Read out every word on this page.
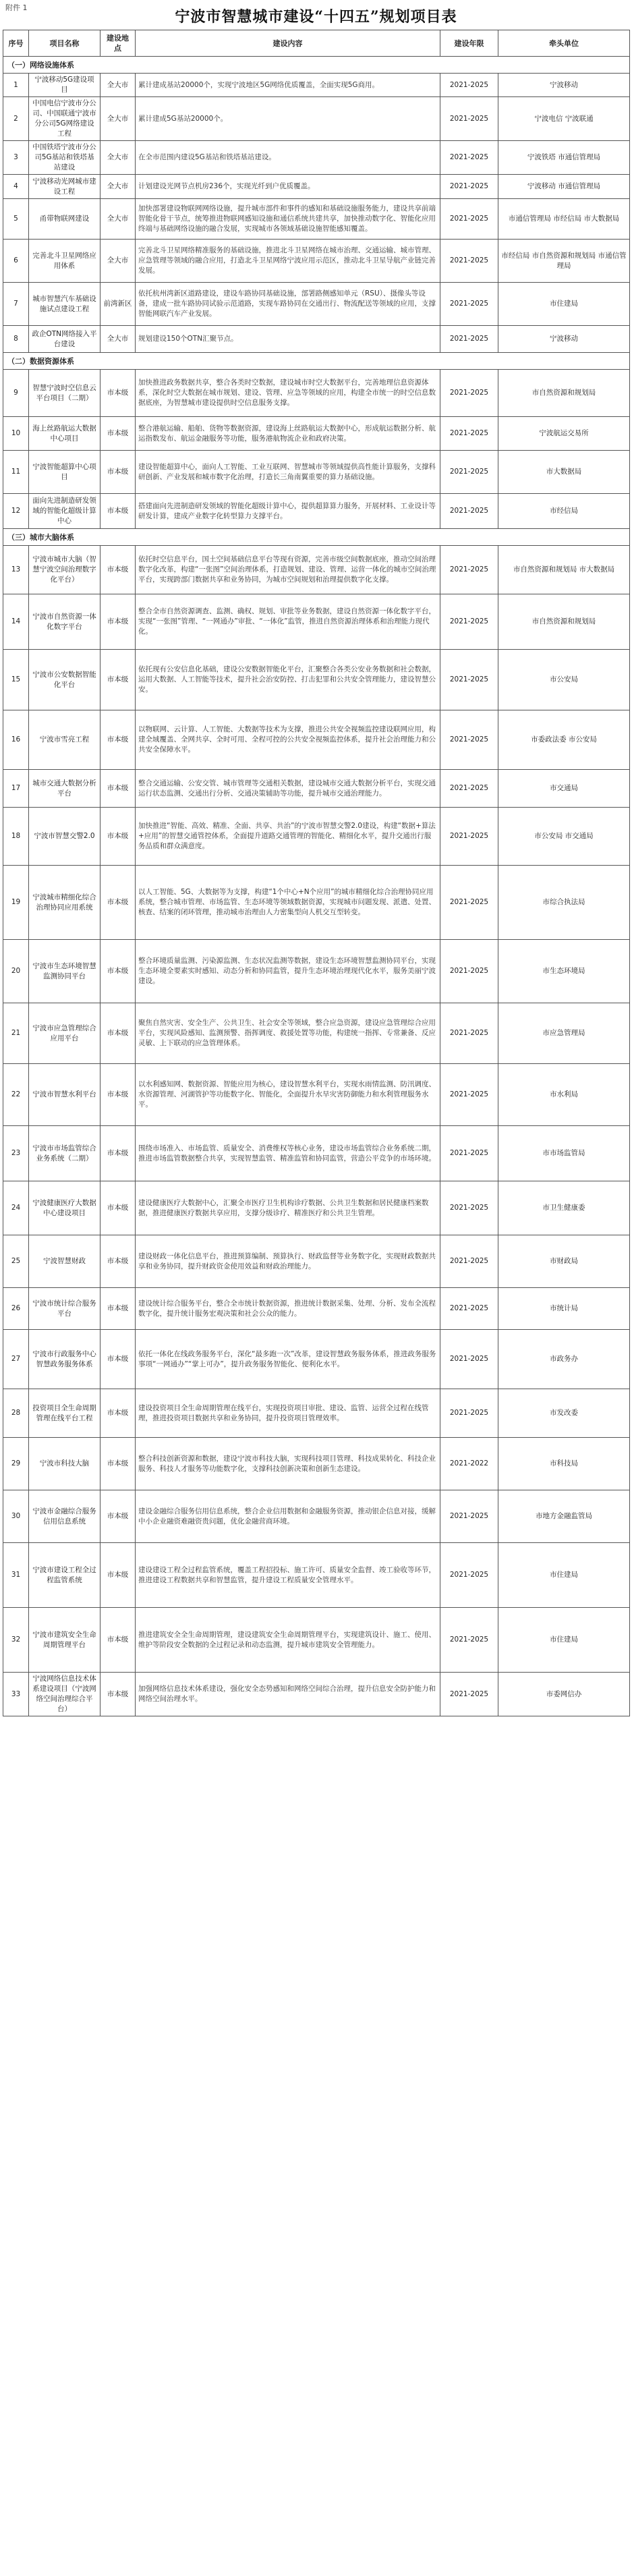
附件 1
宁波市智慧城市建设“十四五”规划项目表
序号	项目名称	建设地点	建设内容	建设年限	牵头单位
（一）网络设施体系					
1	宁波移动5G建设项目	全大市	累计建成基站20000个，实现宁波地区5G网络优质覆盖，全面实现5G商用。	2021-2025	宁波移动
2	中国电信宁波市分公司、中国联通宁波市分公司5G网络建设工程	全大市	累计建成5G基站20000个。	2021-2025	宁波电信 宁波联通
3	中国铁塔宁波市分公司5G基站和铁塔基站建设	全大市	在全市范围内建设5G基站和铁塔基站建设。	2021-2025	宁波铁塔 市通信管理局
4	宁波移动光网城市建设工程	全大市	计划建设光网节点机房236个，实现光纤到户优质覆盖。	2021-2025	宁波移动 市通信管理局
5	甬带物联网建设	全大市	加快部署建设物联网网络设施，提升城市部件和事件的感知和基础设施服务能力，建设共享前端智能化骨干节点，统筹推进物联网感知设施和通信系统共建共享，加快推动数字化、智能化应用终端与基础网络设施的融合发展，实现城市各领域基础设施智能感知覆盖。	2021-2025	市通信管理局 市经信局 市大数据局
6	完善北斗卫星网络应用体系	全大市	完善北斗卫星网络精准服务的基础设施，推进北斗卫星网络在城市治理、交通运输、城市管理、应急管理等领域的融合应用，打造北斗卫星网络宁波应用示范区，推动北斗卫星导航产业链完善发展。	2021-2025	市经信局 市自然资源和规划局 市通信管理局
7	城市智慧汽车基础设施试点建设工程	前湾新区	依托杭州湾新区道路建设，建设车路协同基础设施，部署路侧感知单元（RSU）、摄像头等设备，建成一批车路协同试验示范道路，实现车路协同在交通出行、物流配送等领域的应用，支撑智能网联汽车产业发展。	2021-2025	市住建局
8	政企OTN网络接入平台建设	全大市	规划建设150个OTN汇聚节点。	2021-2025	宁波移动
（二）数据资源体系					
9	智慧宁波时空信息云平台项目（二期）	市本级	加快推进政务数据共享，整合各类时空数据，建设城市时空大数据平台，完善地理信息资源体系，深化时空大数据在城市规划、建设、管理、应急等领域的应用，构建全市统一的时空信息数据底座，为智慧城市建设提供时空信息服务支撑。	2021-2025	市自然资源和规划局
10	海上丝路航运大数据中心项目	市本级	整合港航运输、船舶、货物等数据资源，建设海上丝路航运大数据中心，形成航运数据分析、航运指数发布、航运金融服务等功能，服务港航物流企业和政府决策。	2021-2025	宁波航运交易所
11	宁波智能超算中心项目	市本级	建设智能超算中心，面向人工智能、工业互联网、智慧城市等领域提供高性能计算服务，支撑科研创新、产业发展和城市数字化治理，打造长三角南翼重要的算力基础设施。	2021-2025	市大数据局
12	面向先进制造研发领域的智能化超级计算中心	市本级	搭建面向先进制造研发领域的智能化超级计算中心，提供超算算力服务，开展材料、工业设计等研发计算，建成产业数字化转型算力支撑平台。	2021-2025	市经信局
（三）城市大脑体系					
13	宁波市城市大脑（智慧宁波空间治理数字化平台）	市本级	依托时空信息平台，国土空间基础信息平台等现有资源，完善市级空间数据底座，推动空间治理数字化改革，构建“一张图”空间治理体系，打造规划、建设、管理、运营一体化的城市空间治理平台，实现跨部门数据共享和业务协同，为城市空间规划和治理提供数字化支撑。	2021-2025	市自然资源和规划局 市大数据局
14	宁波市自然资源一体化数字平台	市本级	整合全市自然资源调查、监测、确权、规划、审批等业务数据，建设自然资源一体化数字平台，实现“一张图”管理、“一网通办”审批、“一体化”监管，推进自然资源治理体系和治理能力现代化。	2021-2025	市自然资源和规划局
15	宁波市公安数据智能化平台	市本级	依托现有公安信息化基础，建设公安数据智能化平台，汇聚整合各类公安业务数据和社会数据，运用大数据、人工智能等技术，提升社会治安防控、打击犯罪和公共安全管理能力，建设智慧公安。	2021-2025	市公安局
16	宁波市雪亮工程	市本级	以物联网、云计算、人工智能、大数据等技术为支撑，推进公共安全视频监控建设联网应用，构建全域覆盖、全网共享、全时可用、全程可控的公共安全视频监控体系，提升社会治理能力和公共安全保障水平。	2021-2025	市委政法委 市公安局
17	城市交通大数据分析平台	市本级	整合交通运输、公安交管、城市管理等交通相关数据，建设城市交通大数据分析平台，实现交通运行状态监测、交通出行分析、交通决策辅助等功能，提升城市交通治理能力。	2021-2025	市交通局
18	宁波市智慧交警2.0	市本级	加快推进“智能、高效、精准、全面、共享、共治”的宁波市智慧交警2.0建设，构建“数据+算法+应用”的智慧交通管控体系，全面提升道路交通管理的智能化、精细化水平，提升交通出行服务品质和群众满意度。	2021-2025	市公安局 市交通局
19	宁波城市精细化综合治理协同应用系统	市本级	以人工智能、5G、大数据等为支撑，构建“1个中心+N个应用”的城市精细化综合治理协同应用系统，整合城市管理、市场监管、生态环境等领域数据资源，实现城市问题发现、派遣、处置、核查、结案的闭环管理，推动城市治理由人力密集型向人机交互型转变。	2021-2025	市综合执法局
20	宁波市生态环境智慧监测协同平台	市本级	整合环境质量监测、污染源监测、生态状况监测等数据，建设生态环境智慧监测协同平台，实现生态环境全要素实时感知、动态分析和协同监管，提升生态环境治理现代化水平，服务美丽宁波建设。	2021-2025	市生态环境局
21	宁波市应急管理综合应用平台	市本级	聚焦自然灾害、安全生产、公共卫生、社会安全等领域，整合应急资源，建设应急管理综合应用平台，实现风险感知、监测预警、指挥调度、救援处置等功能，构建统一指挥、专常兼备、反应灵敏、上下联动的应急管理体系。	2021-2025	市应急管理局
22	宁波市智慧水利平台	市本级	以水利感知网、数据资源、智能应用为核心，建设智慧水利平台，实现水雨情监测、防汛调度、水资源管理、河湖管护等功能数字化、智能化，全面提升水旱灾害防御能力和水利管理服务水平。	2021-2025	市水利局
23	宁波市市场监管综合业务系统（二期）	市本级	围绕市场准入、市场监管、质量安全、消费维权等核心业务，建设市场监管综合业务系统二期，推进市场监管数据整合共享，实现智慧监管、精准监管和协同监管，营造公平竞争的市场环境。	2021-2025	市市场监管局
24	宁波健康医疗大数据中心建设项目	市本级	建设健康医疗大数据中心，汇聚全市医疗卫生机构诊疗数据、公共卫生数据和居民健康档案数据，推进健康医疗数据共享应用，支撑分级诊疗、精准医疗和公共卫生管理。	2021-2025	市卫生健康委
25	宁波智慧财政	市本级	建设财政一体化信息平台，推进预算编制、预算执行、财政监督等业务数字化，实现财政数据共享和业务协同，提升财政资金使用效益和财政治理能力。	2021-2025	市财政局
26	宁波市统计综合服务平台	市本级	建设统计综合服务平台，整合全市统计数据资源，推进统计数据采集、处理、分析、发布全流程数字化，提升统计服务宏观决策和社会公众的能力。	2021-2025	市统计局
27	宁波市行政服务中心智慧政务服务体系	市本级	依托一体化在线政务服务平台，深化“最多跑一次”改革，建设智慧政务服务体系，推进政务服务事项“一网通办”“掌上可办”，提升政务服务智能化、便利化水平。	2021-2025	市政务办
28	投资项目全生命周期管理在线平台工程	市本级	建设投资项目全生命周期管理在线平台，实现投资项目审批、建设、监管、运营全过程在线管理，推进投资项目数据共享和业务协同，提升投资项目管理效率。	2021-2025	市发改委
29	宁波市科技大脑	市本级	整合科技创新资源和数据，建设宁波市科技大脑，实现科技项目管理、科技成果转化、科技企业服务、科技人才服务等功能数字化，支撑科技创新决策和创新生态建设。	2021-2022	市科技局
30	宁波市金融综合服务信用信息系统	市本级	建设金融综合服务信用信息系统，整合企业信用数据和金融服务资源，推动银企信息对接，缓解中小企业融资难融资贵问题，优化金融营商环境。	2021-2025	市地方金融监管局
31	宁波市建设工程全过程监管系统	市本级	建设建设工程全过程监管系统，覆盖工程招投标、施工许可、质量安全监督、竣工验收等环节，推进建设工程数据共享和智慧监管，提升建设工程质量安全管理水平。	2021-2025	市住建局
32	宁波市建筑安全生命周期管理平台	市本级	推进建筑安全全生命周期管理，建设建筑安全生命周期管理平台，实现建筑设计、施工、使用、维护等阶段安全数据的全过程记录和动态监测，提升城市建筑安全管理能力。	2021-2025	市住建局
33	宁波网络信息技术体系建设项目（宁波网络空间治理综合平台）	市本级	加强网络信息技术体系建设，强化安全态势感知和网络空间综合治理，提升信息安全防护能力和网络空间治理水平。	2021-2025	市委网信办
